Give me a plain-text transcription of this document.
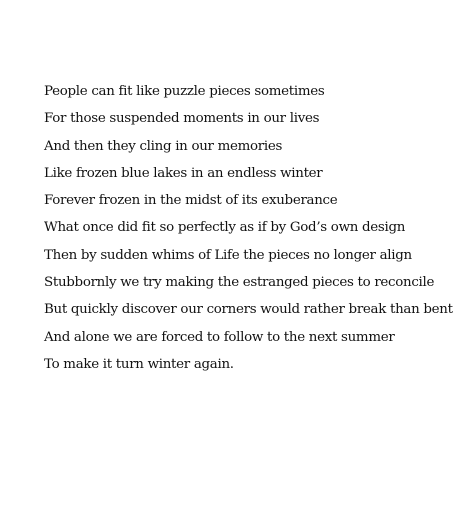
People can fit like puzzle pieces sometimes
For those suspended moments in our lives
And then they cling in our memories
Like frozen blue lakes in an endless winter
Forever frozen in the midst of its exuberance
What once did fit so perfectly as if by God’s own design
Then by sudden whims of Life the pieces no longer align
Stubbornly we try making the estranged pieces to reconcile
But quickly discover our corners would rather break than bent
And alone we are forced to follow to the next summer
To make it turn winter again.
